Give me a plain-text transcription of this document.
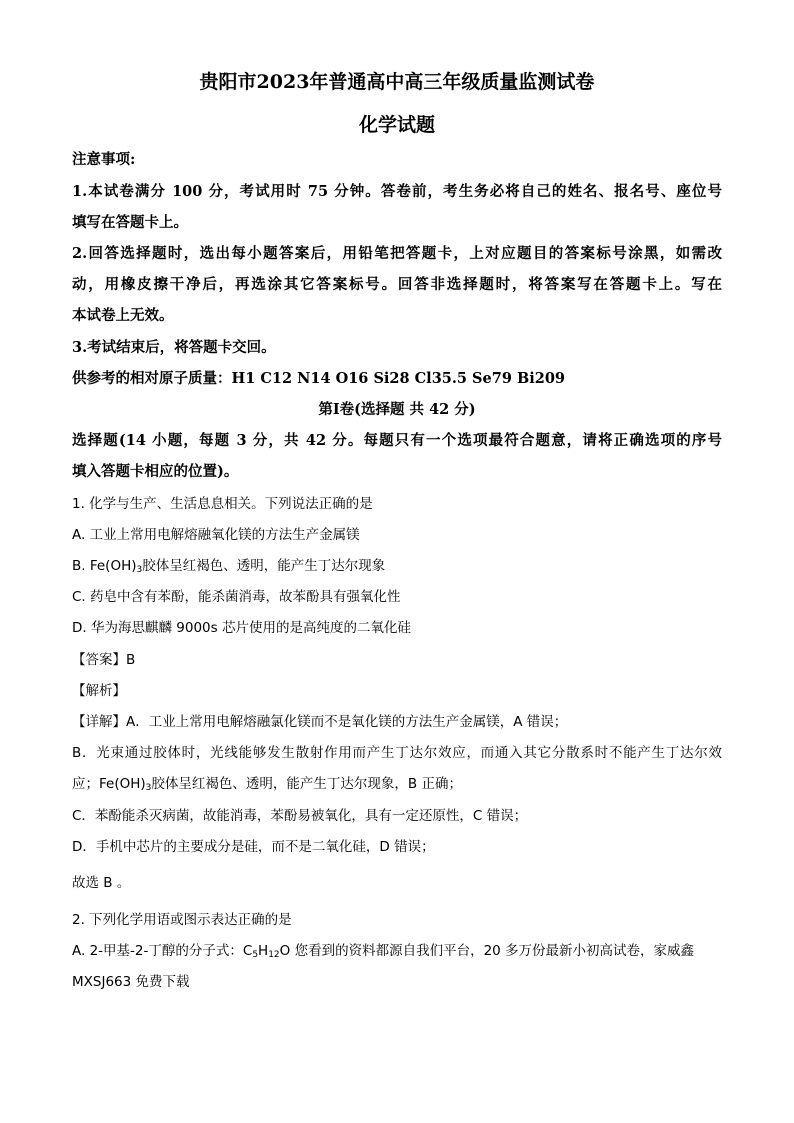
贵阳市2023年普通高中高三年级质量监测试卷
化学试题
注意事项:
1.本试卷满分 100 分，考试用时 75 分钟。答卷前，考生务必将自己的姓名、报名号、座位号
填写在答题卡上。
2.回答选择题时，选出每小题答案后，用铅笔把答题卡，上对应题目的答案标号涂黑，如需改
动，用橡皮擦干净后，再选涂其它答案标号。回答非选择题时，将答案写在答题卡上。写在
本试卷上无效。
3.考试结束后，将答题卡交回。
供参考的相对原子质量：H1 C12 N14 O16 Si28 Cl35.5 Se79 Bi209
第Ⅰ卷(选择题 共 42 分)
选择题(14 小题，每题 3 分，共 42 分。每题只有一个选项最符合题意，请将正确选项的序号
填入答题卡相应的位置)。
1. 化学与生产、生活息息相关。下列说法正确的是
A. 工业上常用电解熔融氧化镁的方法生产金属镁
B. $Fe(OH)_3$胶体呈红褐色、透明，能产生丁达尔现象
C. 药皂中含有苯酚，能杀菌消毒，故苯酚具有强氧化性
D. 华为海思麒麟 9000s 芯片使用的是高纯度的二氧化硅
【答案】B
【解析】
【详解】A．工业上常用电解熔融氯化镁而不是氧化镁的方法生产金属镁，A 错误；
B．光束通过胶体时，光线能够发生散射作用而产生丁达尔效应，而通入其它分散系时不能产生丁达尔效
应；$Fe(OH)_3$胶体呈红褐色、透明，能产生丁达尔现象，B 正确；
C．苯酚能杀灭病菌，故能消毒，苯酚易被氧化，具有一定还原性，C 错误；
D．手机中芯片的主要成分是硅，而不是二氧化硅，D 错误；
故选 B 。
2. 下列化学用语或图示表达正确的是
A. 2-甲基-2-丁醇的分子式：$C_5H_{12}O$ 您看到的资料都源自我们平台，20 多万份最新小初高试卷，家威鑫
MXSJ663 免费下载
